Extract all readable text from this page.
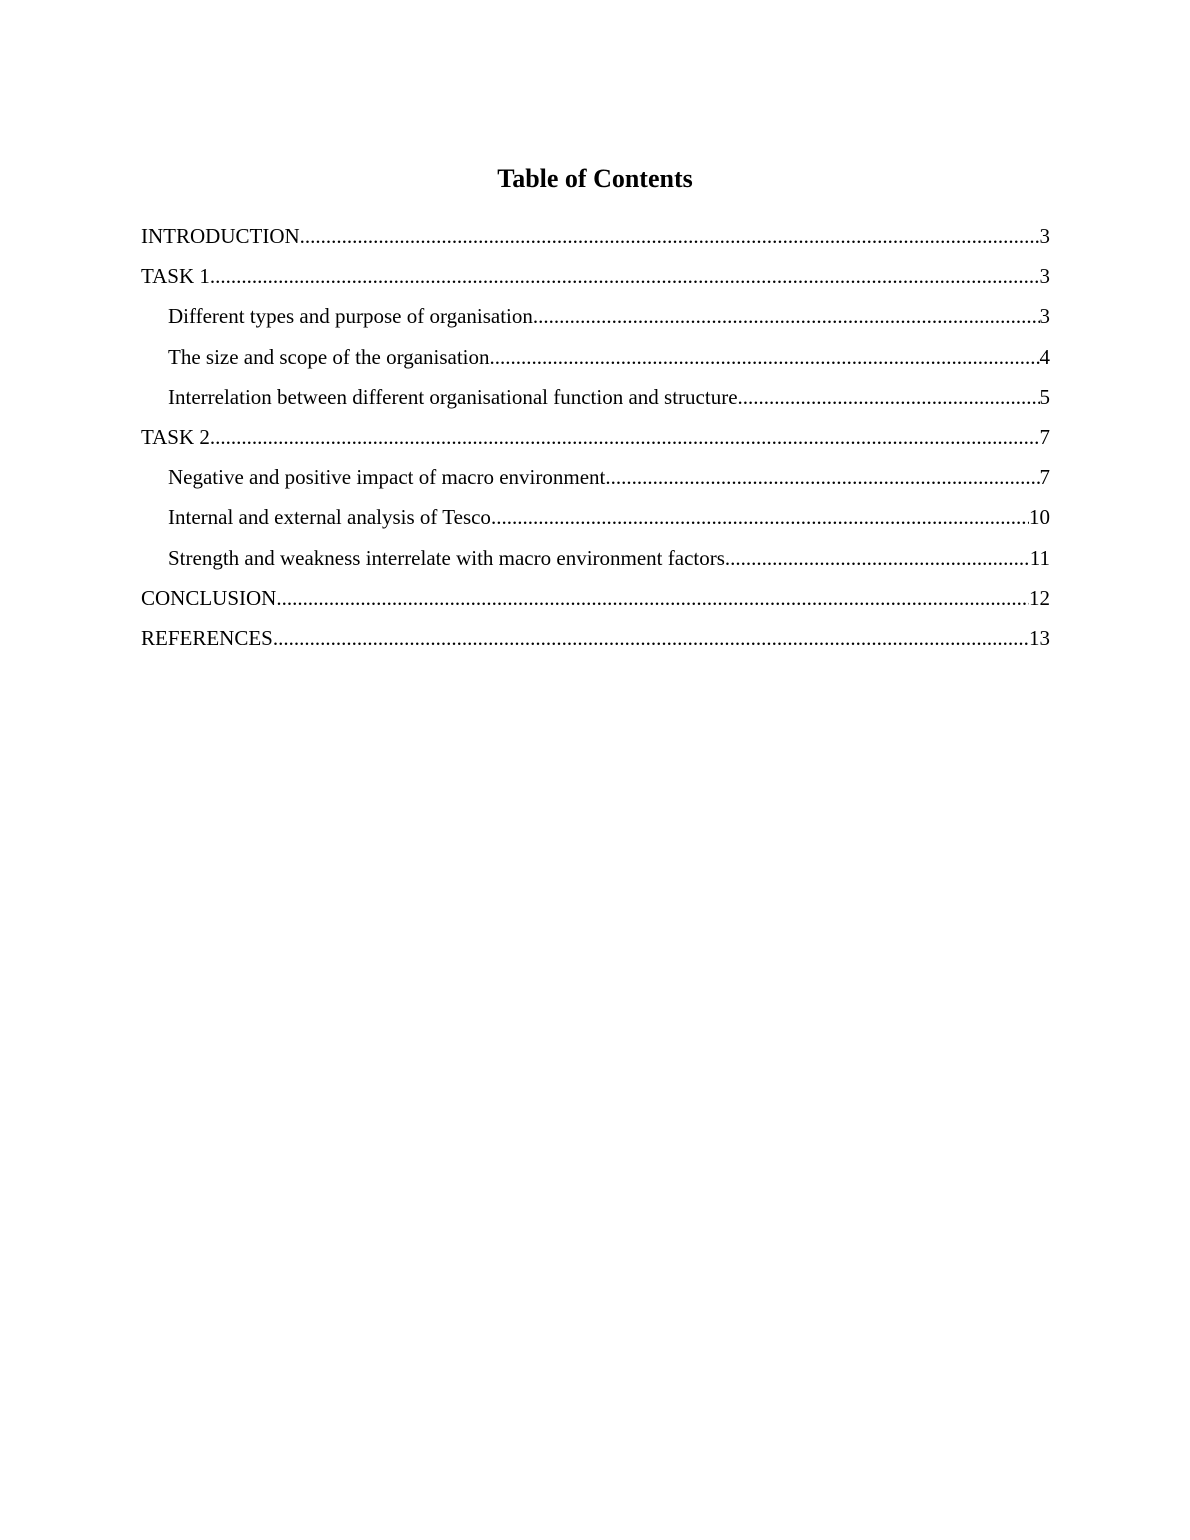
Table of Contents
INTRODUCTION .....	3
TASK 1 .....	3
Different types and purpose of organisation .....	3
The size and scope of the organisation .....	4
Interrelation between different organisational function and structure .....	5
TASK 2 .....	7
Negative and positive impact of macro environment .....	7
Internal and external analysis of Tesco .....	10
Strength and weakness interrelate with macro environment factors .....	11
CONCLUSION .....	12
REFERENCES .....	13
